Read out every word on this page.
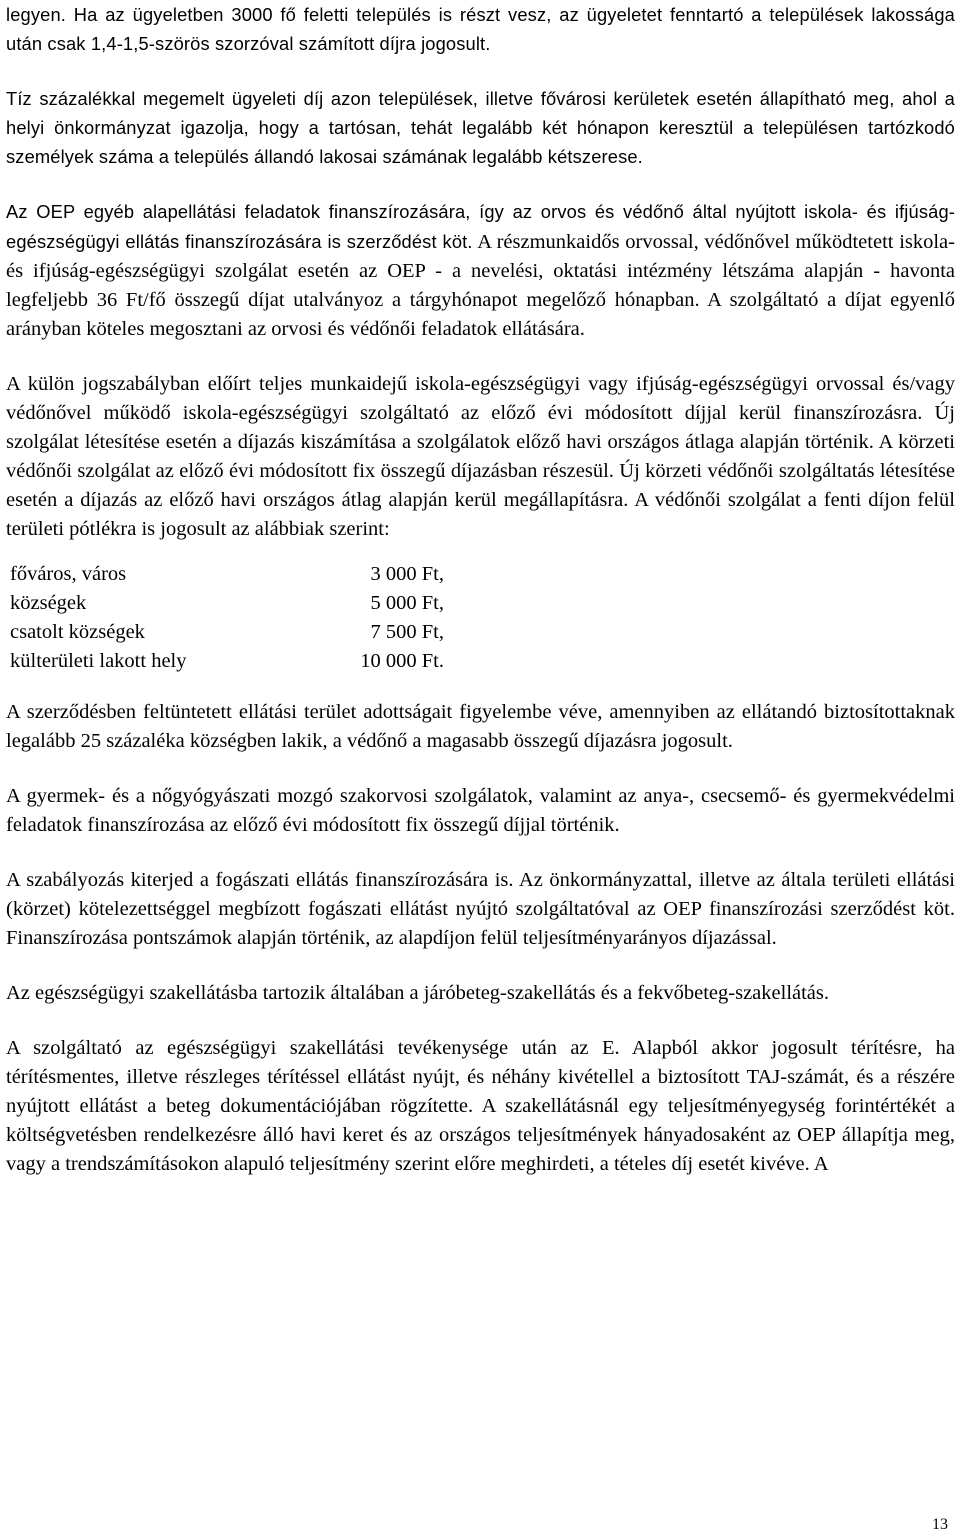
legyen. Ha az ügyeletben 3000 fő feletti település is részt vesz, az ügyeletet fenntartó a települések lakossága után csak 1,4-1,5-szörös szorzóval számított díjra jogosult.

Tíz százalékkal megemelt ügyeleti díj azon települések, illetve fővárosi kerületek esetén állapítható meg, ahol a helyi önkormányzat igazolja, hogy a tartósan, tehát legalább két hónapon keresztül a településen tartózkodó személyek száma a település állandó lakosai számának legalább kétszerese.

Az OEP egyéb alapellátási feladatok finanszírozására, így az orvos és védőnő által nyújtott iskola- és ifjúság-egészségügyi ellátás finanszírozására is szerződést köt. A részmunkaidős orvossal, védőnővel működtetett iskola- és ifjúság-egészségügyi szolgálat esetén az OEP - a nevelési, oktatási intézmény létszáma alapján - havonta legfeljebb 36 Ft/fő összegű díjat utalványoz a tárgyhónapot megelőző hónapban. A szolgáltató a díjat egyenlő arányban köteles megosztani az orvosi és védőnői feladatok ellátására.

A külön jogszabályban előírt teljes munkaidejű iskola-egészségügyi vagy ifjúság-egészségügyi orvossal és/vagy védőnővel működő iskola-egészségügyi szolgáltató az előző évi módosított díjjal kerül finanszírozásra. Új szolgálat létesítése esetén a díjazás kiszámítása a szolgálatok előző havi országos átlaga alapján történik. A körzeti védőnői szolgálat az előző évi módosított fix összegű díjazásban részesül. Új körzeti védőnői szolgáltatás létesítése esetén a díjazás az előző havi országos átlag alapján kerül megállapításra. A védőnői szolgálat a fenti díjon felül területi pótlékra is jogosult az alábbiak szerint:

főváros, város	3 000 Ft,
községek	5 000 Ft,
csatolt községek	7 500 Ft,
külterületi lakott hely	10 000 Ft.

A szerződésben feltüntetett ellátási terület adottságait figyelembe véve, amennyiben az ellátandó biztosítottaknak legalább 25 százaléka községben lakik, a védőnő a magasabb összegű díjazásra jogosult.

A gyermek- és a nőgyógyászati mozgó szakorvosi szolgálatok, valamint az anya-, csecsemő- és gyermekvédelmi feladatok finanszírozása az előző évi módosított fix összegű díjjal történik.

A szabályozás kiterjed a fogászati ellátás finanszírozására is. Az önkormányzattal, illetve az általa területi ellátási (körzet) kötelezettséggel megbízott fogászati ellátást nyújtó szolgáltatóval az OEP finanszírozási szerződést köt. Finanszírozása pontszámok alapján történik, az alapdíjon felül teljesítményarányos díjazással.

Az egészségügyi szakellátásba tartozik általában a járóbeteg-szakellátás és a fekvőbeteg-szakellátás.

A szolgáltató az egészségügyi szakellátási tevékenysége után az E. Alapból akkor jogosult térítésre, ha térítésmentes, illetve részleges térítéssel ellátást nyújt, és néhány kivétellel a biztosított TAJ-számát, és a részére nyújtott ellátást a beteg dokumentációjában rögzítette. A szakellátásnál egy teljesítményegység forintértékét a költségvetésben rendelkezésre álló havi keret és az országos teljesítmények hányadosaként az OEP állapítja meg, vagy a trendszámításokon alapuló teljesítmény szerint előre meghirdeti, a tételes díj esetét kivéve. A

13
